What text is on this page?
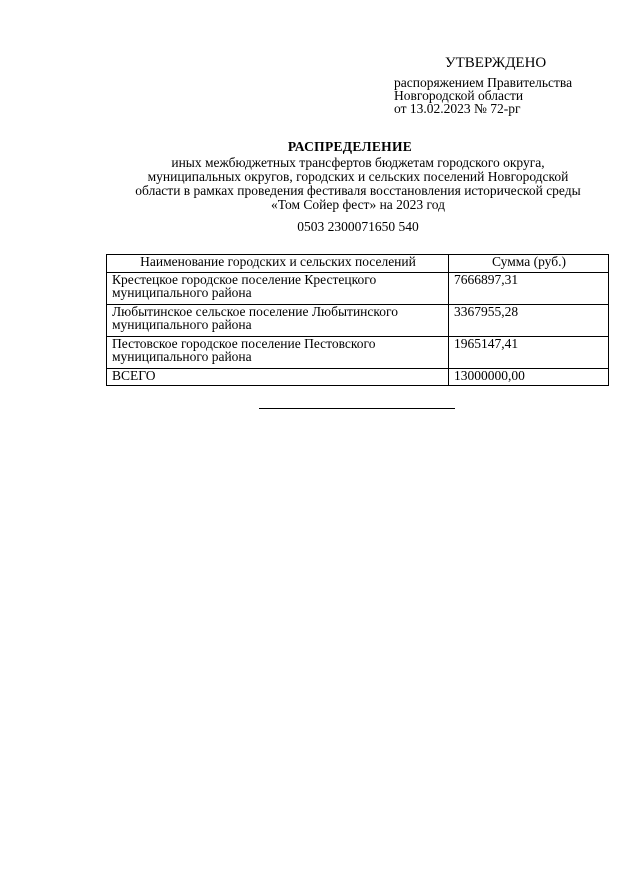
УТВЕРЖДЕНО
распоряжением Правительства
Новгородской области
от 13.02.2023 № 72-рг
РАСПРЕДЕЛЕНИЕ
иных межбюджетных трансфертов бюджетам городского округа,
муниципальных округов, городских и сельских поселений Новгородской
области в рамках проведения фестиваля восстановления исторической среды
«Том Сойер фест» на 2023 год
0503 2300071650 540
Наименование городских и сельских поселений	Сумма (руб.)
Крестецкое городское поселение Крестецкого муниципального района	7666897,31
Любытинское сельское поселение Любытинского муниципального района	3367955,28
Пестовское городское поселение Пестовского муниципального района	1965147,41
ВСЕГО	13000000,00
